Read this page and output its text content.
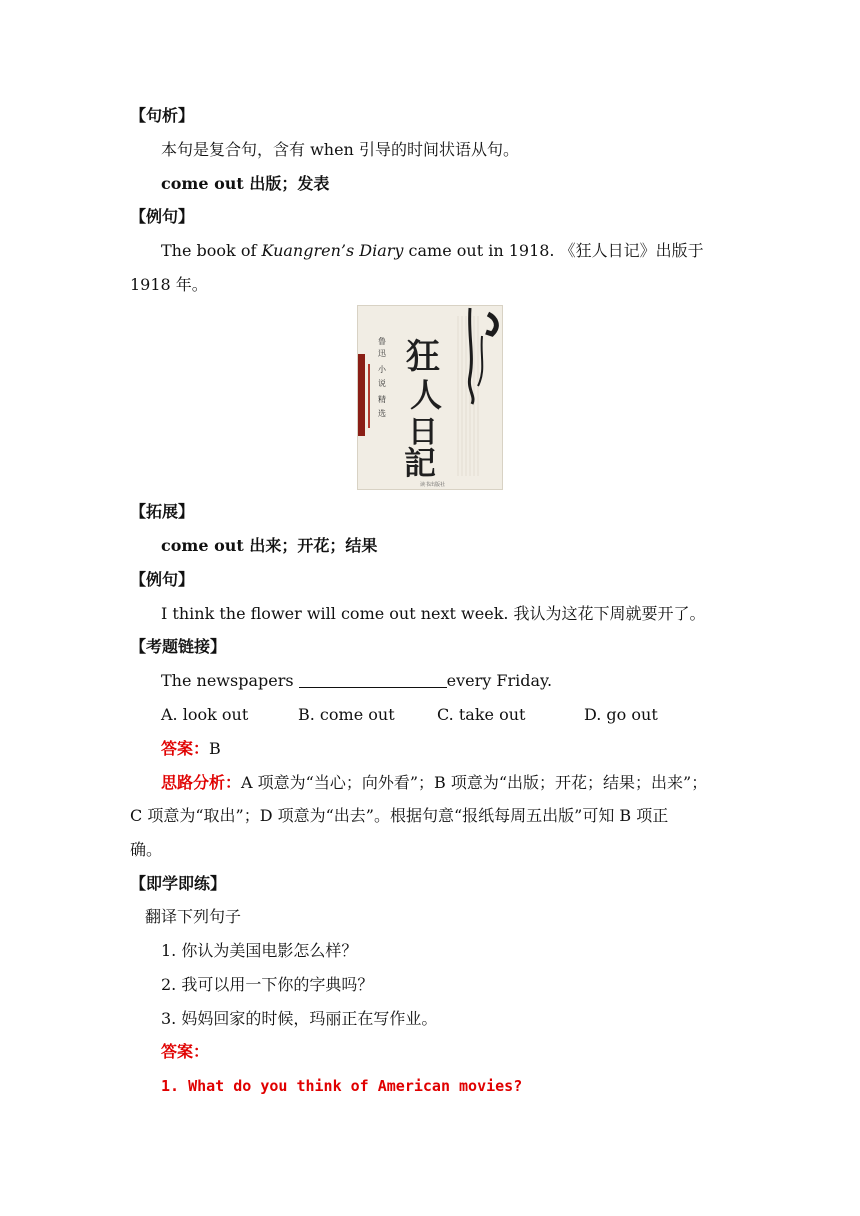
【句析】
本句是复合句，含有 when 引导的时间状语从句。
come out 出版；发表
【例句】
The book of Kuangren’s Diary came out in 1918. 《狂人日记》出版于
1918 年。
狂
人
日
記
鲁
迅
小
说
精
选
读书出版社
【拓展】
come out 出来；开花；结果
【例句】
I think the flower will come out next week. 我认为这花下周就要开了。
【考题链接】
The newspapers	every Friday.
A. look out	B. come out	C. take out	D. go out
答案：B
思路分析：A 项意为“当心；向外看”；B 项意为“出版；开花；结果；出来”；
C 项意为“取出”；D 项意为“出去”。根据句意“报纸每周五出版”可知 B 项正
确。
【即学即练】
翻译下列句子
1. 你认为美国电影怎么样？
2. 我可以用一下你的字典吗？
3. 妈妈回家的时候，玛丽正在写作业。
答案：
1. What do you think of American movies?
